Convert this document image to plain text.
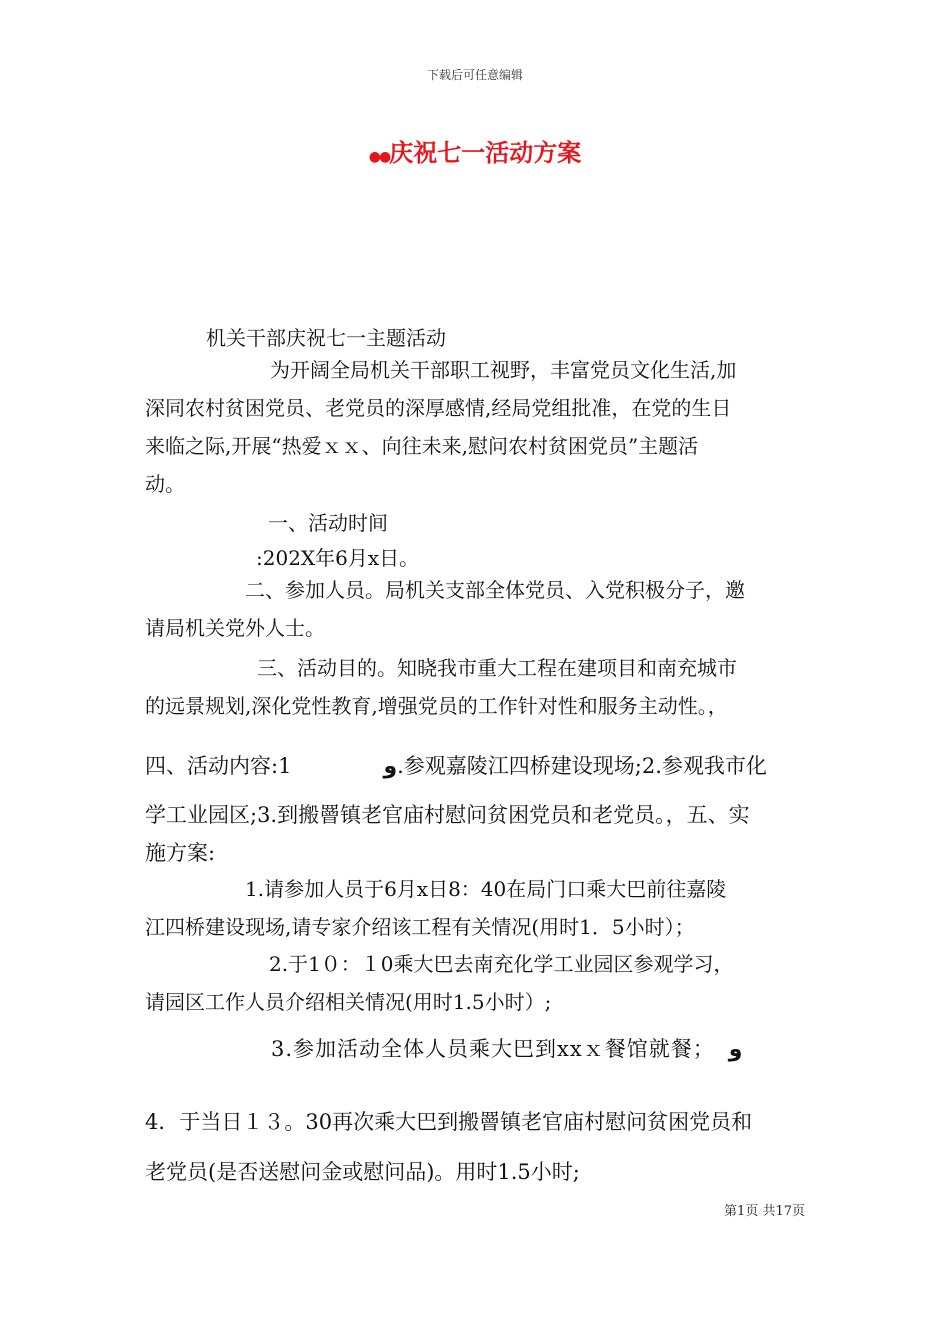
下载后可任意编辑
●●庆祝七一活动方案
机关干部庆祝七一主题活动
为开阔全局机关干部职工视野，丰富党员文化生活,加
深同农村贫困党员、老党员的深厚感情,经局党组批准，在党的生日
来临之际,开展“热爱ｘｘ、向往未来,慰问农村贫困党员”主题活
动。
一、活动时间
:202X年6月x日。
二、参加人员。局机关支部全体党员、入党积极分子，邀
请局机关党外人士。
三、活动目的。知晓我市重大工程在建项目和南充城市
的远景规划,深化党性教育,增强党员的工作针对性和服务主动性。，
四、活动内容:1	و.参观嘉陵江四桥建设现场;2.参观我市化
学工业园区;3.到搬罾镇老官庙村慰问贫困党员和老党员。，五、实
施方案:
1.请参加人员于6月x日8：40在局门口乘大巴前往嘉陵
江四桥建设现场,请专家介绍该工程有关情况(用时1．5小时）；
2.于1０：１0乘大巴去南充化学工业园区参观学习，
请园区工作人员介绍相关情况(用时1.5小时）;
3.参加活动全体人员乘大巴到xxｘ餐馆就餐； و
4．于当日１３。30再次乘大巴到搬罾镇老官庙村慰问贫困党员和
老党员(是否送慰问金或慰问品)。用时1.5小时;
第1页 共17页
